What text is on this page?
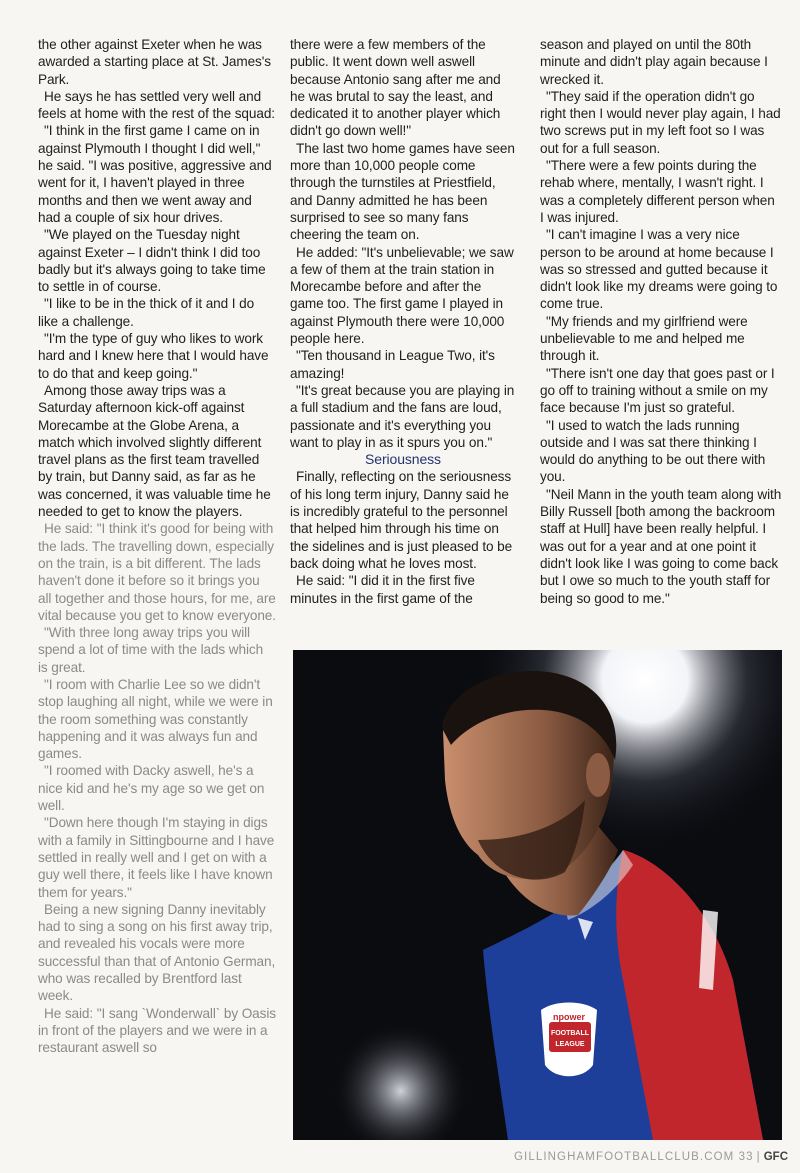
the other against Exeter when he was awarded a starting place at St. James's Park.

He says he has settled very well and feels at home with the rest of the squad:

"I think in the first game I came on in against Plymouth I thought I did well," he said. "I was positive, aggressive and went for it, I haven't played in three months and then we went away and had a couple of six hour drives.

"We played on the Tuesday night against Exeter – I didn't think I did too badly but it's always going to take time to settle in of course.

"I like to be in the thick of it and I do like a challenge.

"I'm the type of guy who likes to work hard and I knew here that I would have to do that and keep going."

Among those away trips was a Saturday afternoon kick-off against Morecambe at the Globe Arena, a match which involved slightly different travel plans as the first team travelled by train, but Danny said, as far as he was concerned, it was valuable time he needed to get to know the players.

He said: "I think it's good for being with the lads. The travelling down, especially on the train, is a bit different. The lads haven't done it before so it brings you all together and those hours, for me, are vital because you get to know everyone.

"With three long away trips you will spend a lot of time with the lads which is great.

"I room with Charlie Lee so we didn't stop laughing all night, while we were in the room something was constantly happening and it was always fun and games.

"I roomed with Dacky aswell, he's a nice kid and he's my age so we get on well.

"Down here though I'm staying in digs with a family in Sittingbourne and I have settled in really well and I get on with a guy well there, it feels like I have known them for years."

Being a new signing Danny inevitably had to sing a song on his first away trip, and revealed his vocals were more successful than that of Antonio German, who was recalled by Brentford last week.

He said: "I sang `Wonderwall` by Oasis in front of the players and we were in a restaurant aswell so

there were a few members of the public. It went down well aswell because Antonio sang after me and he was brutal to say the least, and dedicated it to another player which didn't go down well!"

The last two home games have seen more than 10,000 people come through the turnstiles at Priestfield, and Danny admitted he has been surprised to see so many fans cheering the team on.

He added: "It's unbelievable; we saw a few of them at the train station in Morecambe before and after the game too. The first game I played in against Plymouth there were 10,000 people here.

"Ten thousand in League Two, it's amazing!

"It's great because you are playing in a full stadium and the fans are loud, passionate and it's everything you want to play in as it spurs you on."

Seriousness

Finally, reflecting on the seriousness of his long term injury, Danny said he is incredibly grateful to the personnel that helped him through his time on the sidelines and is just pleased to be back doing what he loves most.

He said: "I did it in the first five minutes in the first game of the

season and played on until the 80th minute and didn't play again because I wrecked it.

"They said if the operation didn't go right then I would never play again, I had two screws put in my left foot so I was out for a full season.

"There were a few points during the rehab where, mentally, I wasn't right. I was a completely different person when I was injured.

"I can't imagine I was a very nice person to be around at home because I was so stressed and gutted because it didn't look like my dreams were going to come true.

"My friends and my girlfriend were unbelievable to me and helped me through it.

"There isn't one day that goes past or I go off to training without a smile on my face because I'm just so grateful.

"I used to watch the lads running outside and I was sat there thinking I would do anything to be out there with you.

"Neil Mann in the youth team along with Billy Russell [both among the backroom staff at Hull] have been really helpful. I was out for a year and at one point it didn't look like I was going to come back but I owe so much to the youth staff for being so good to me."

npower
FOOTBALL
LEAGUE
GILLINGHAMFOOTBALLCLUB.COM 33 | GFC
